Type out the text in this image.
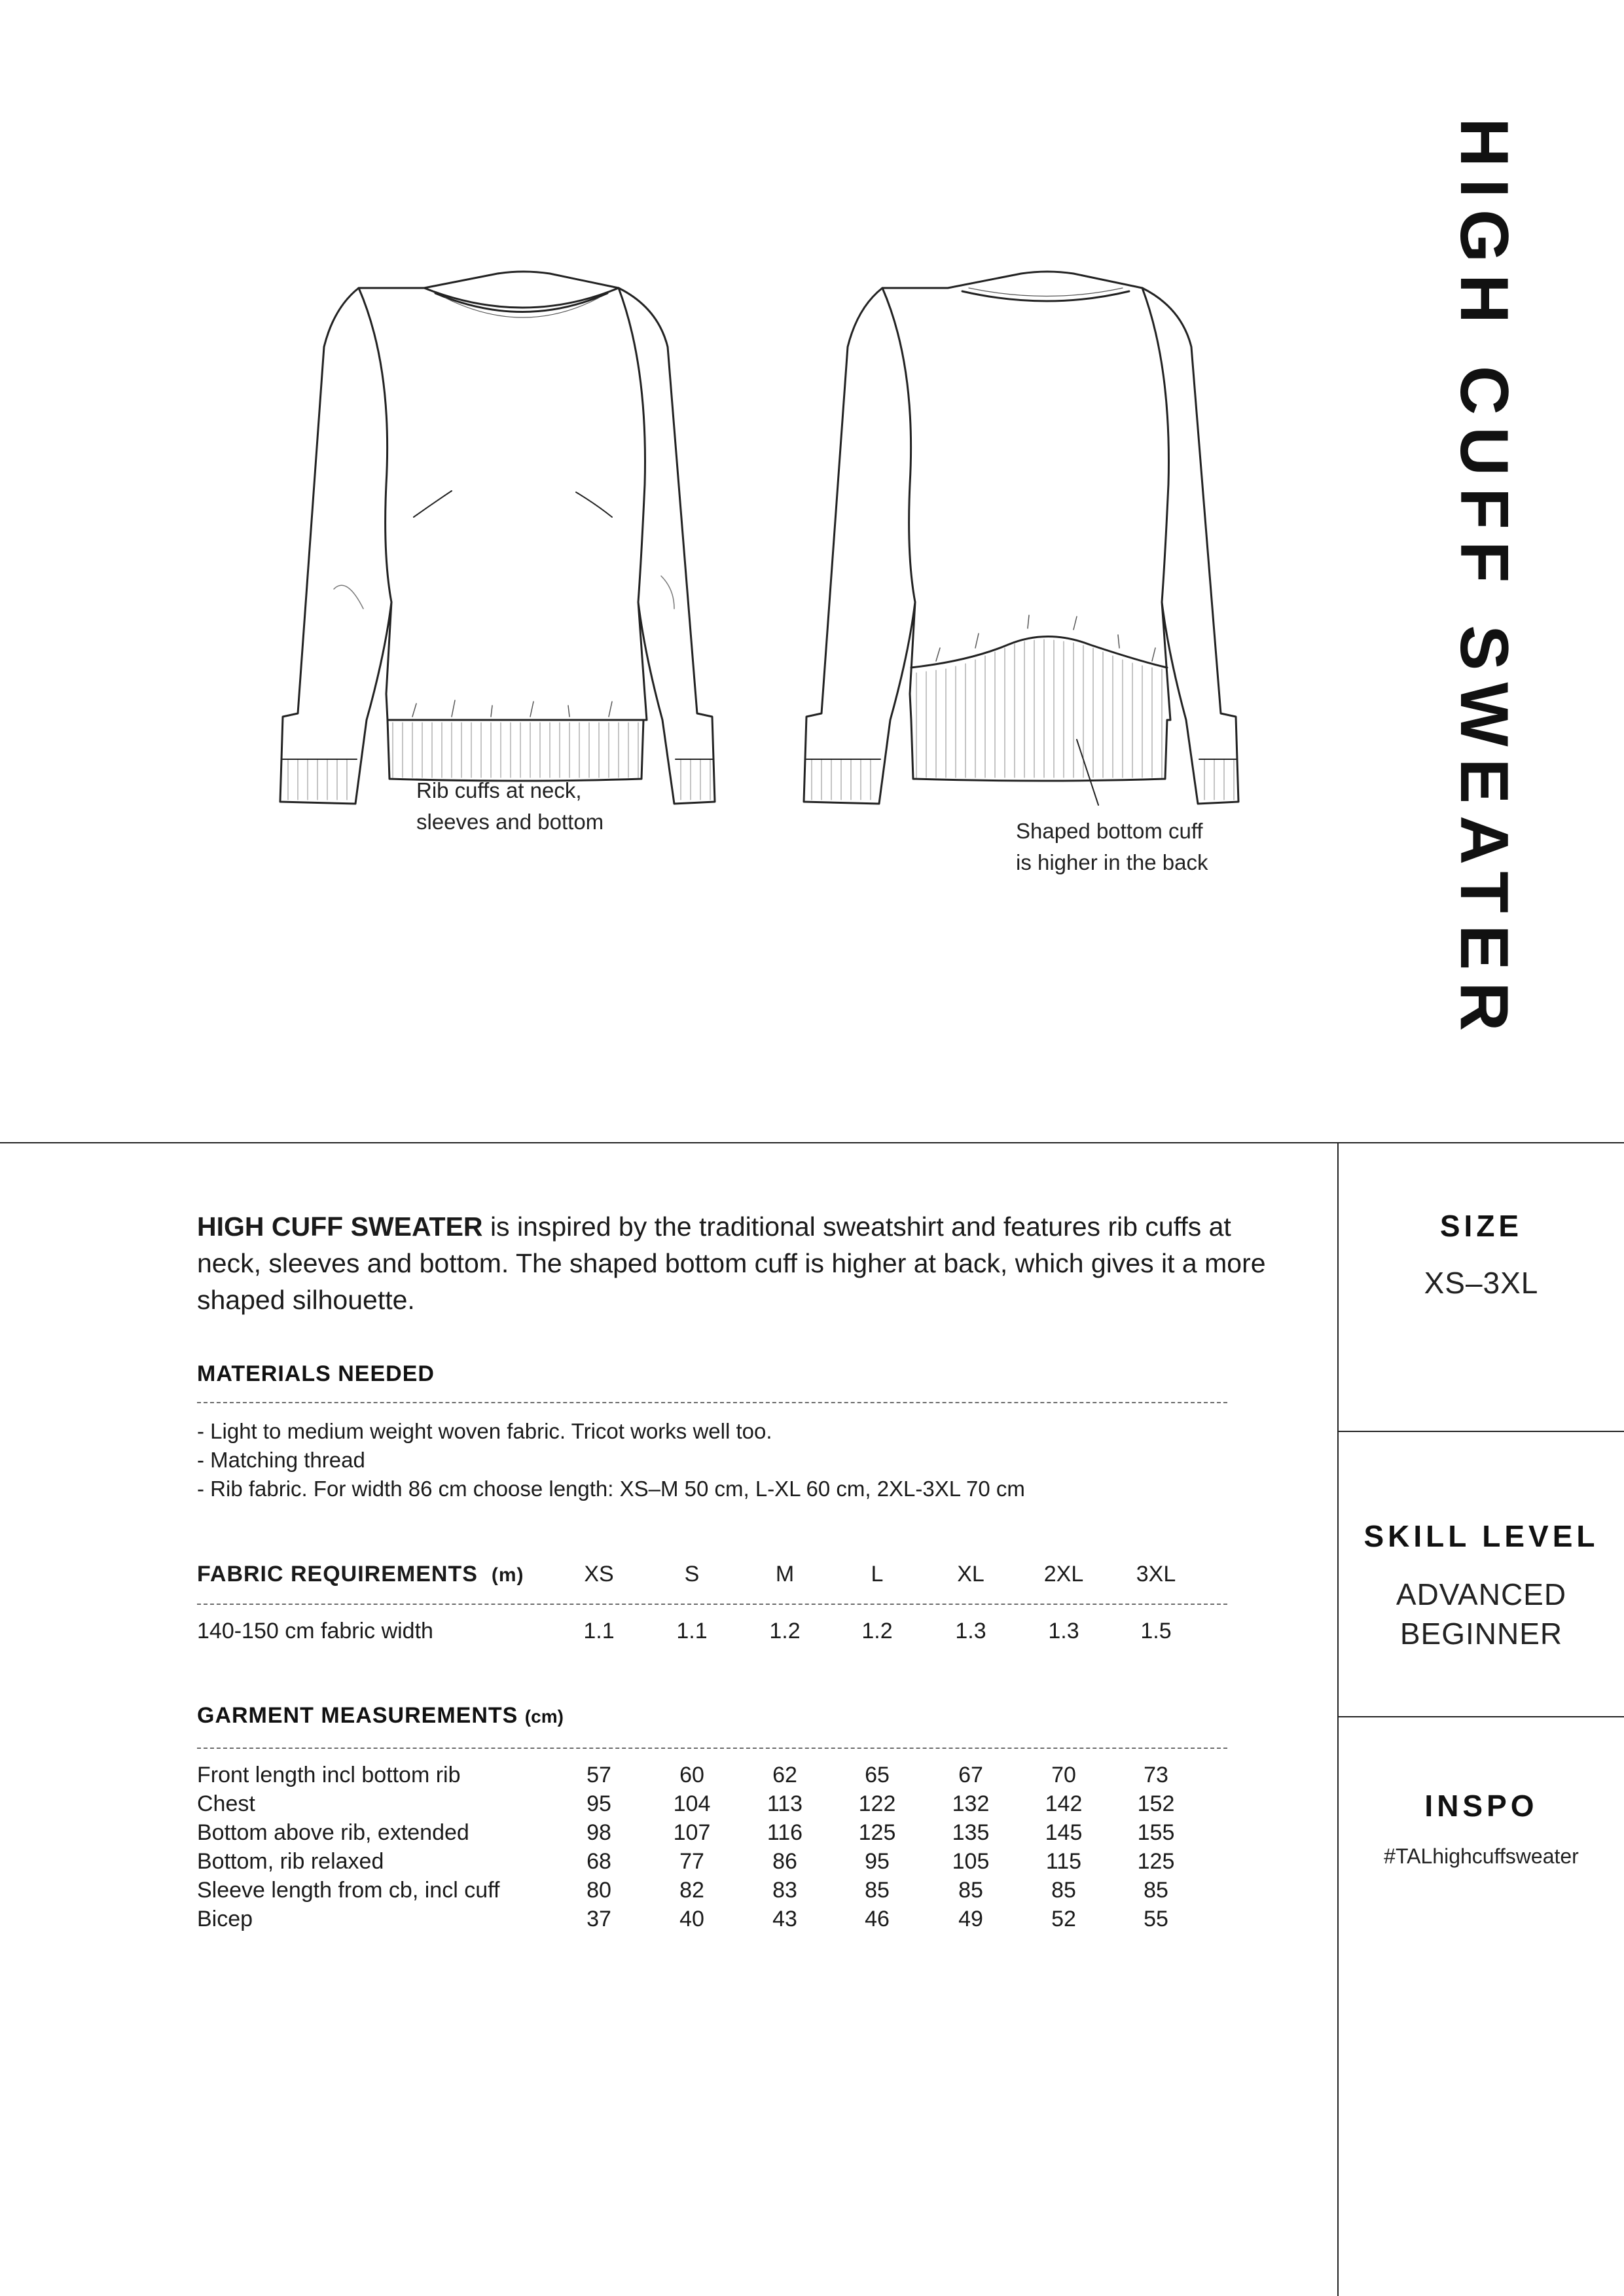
HIGH CUFF SWEATER
Rib cuffs at neck,
sleeves and bottom	Shaped bottom cuff
is higher in the back
HIGH CUFF SWEATER is inspired by the traditional sweatshirt and features rib cuffs at neck, sleeves and bottom. The shaped bottom cuff is higher at back, which gives it a more shaped silhouette.
MATERIALS NEEDED
- Light to medium weight woven fabric. Tricot works well too.
- Matching thread
- Rib fabric. For width 86 cm choose length: XS–M 50 cm, L-XL 60 cm, 2XL-3XL 70 cm
FABRIC REQUIREMENTS (m)	XS	S	M	L	XL	2XL	3XL
140-150 cm fabric width	1.1	1.1	1.2	1.2	1.3	1.3	1.5
GARMENT MEASUREMENTS (cm)
Front length incl bottom rib	57	60	62	65	67	70	73
Chest	95	104	113	122	132	142	152
Bottom above rib, extended	98	107	116	125	135	145	155
Bottom, rib relaxed	68	77	86	95	105	115	125
Sleeve length from cb, incl cuff	80	82	83	85	85	85	85
Bicep	37	40	43	46	49	52	55
SIZE
XS–3XL
SKILL LEVEL
ADVANCED
BEGINNER
INSPO
#TALhighcuffsweater
